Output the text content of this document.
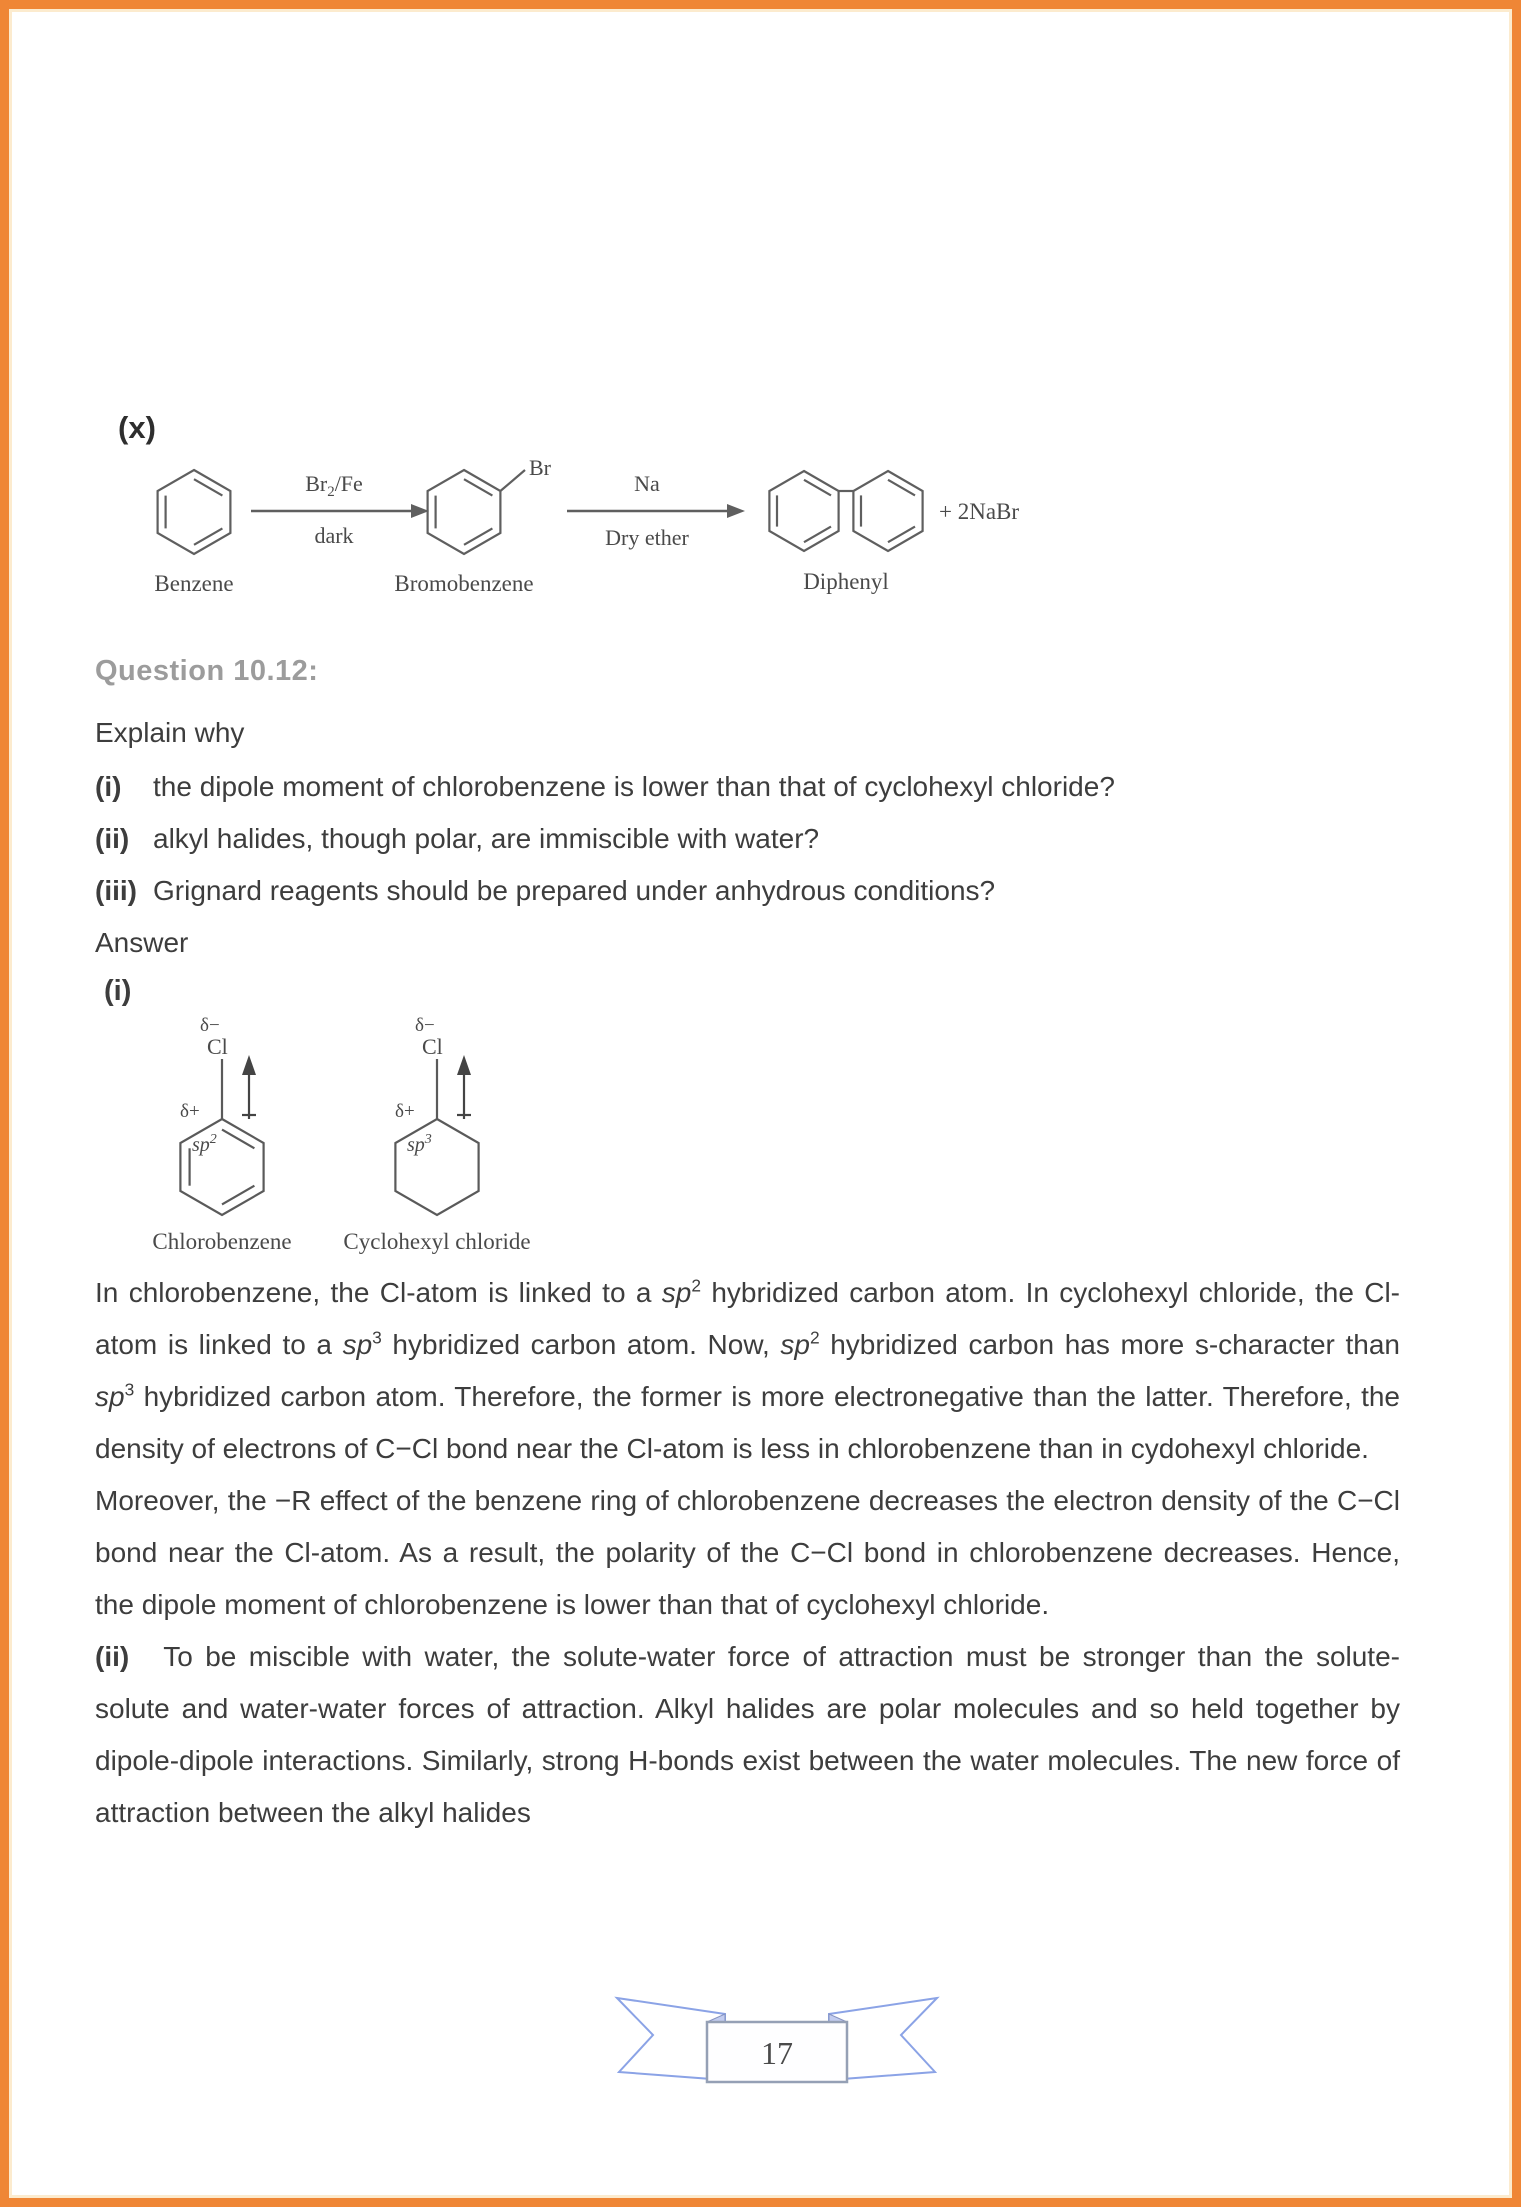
(x)
$Br_2/Fe$
dark
Br
Na
Dry ether
+ 2NaBr
Benzene	Bromobenzene	Diphenyl
Question 10.12:
Explain why
(i)	the dipole moment of chlorobenzene is lower than that of cyclohexyl chloride?
(ii) alkyl halides, though polar, are immiscible with water?
(iii) Grignard reagents should be prepared under anhydrous conditions?
Answer
(i)
δ−
Cl
δ+
$sp^2$
Chlorobenzene
δ−
Cl
δ+
$sp^3$
Cyclohexyl chloride

In chlorobenzene, the Cl-atom is linked to a $sp^2$ hybridized carbon atom. In cyclohexyl chloride, the Cl-atom is linked to a $sp^3$ hybridized carbon atom. Now, $sp^2$ hybridized carbon has more s-character than $sp^3$ hybridized carbon atom. Therefore, the former is more electronegative than the latter. Therefore, the density of electrons of C−Cl bond near the Cl-atom is less in chlorobenzene than in cydohexyl chloride.

Moreover, the −R effect of the benzene ring of chlorobenzene decreases the electron density of the C−Cl bond near the Cl-atom. As a result, the polarity of the C−Cl bond in chlorobenzene decreases. Hence, the dipole moment of chlorobenzene is lower than that of cyclohexyl chloride.

(ii) To be miscible with water, the solute-water force of attraction must be stronger than the solute-solute and water-water forces of attraction. Alkyl halides are polar molecules and so held together by dipole-dipole interactions. Similarly, strong H-bonds exist between the water molecules. The new force of attraction between the alkyl halides

17
